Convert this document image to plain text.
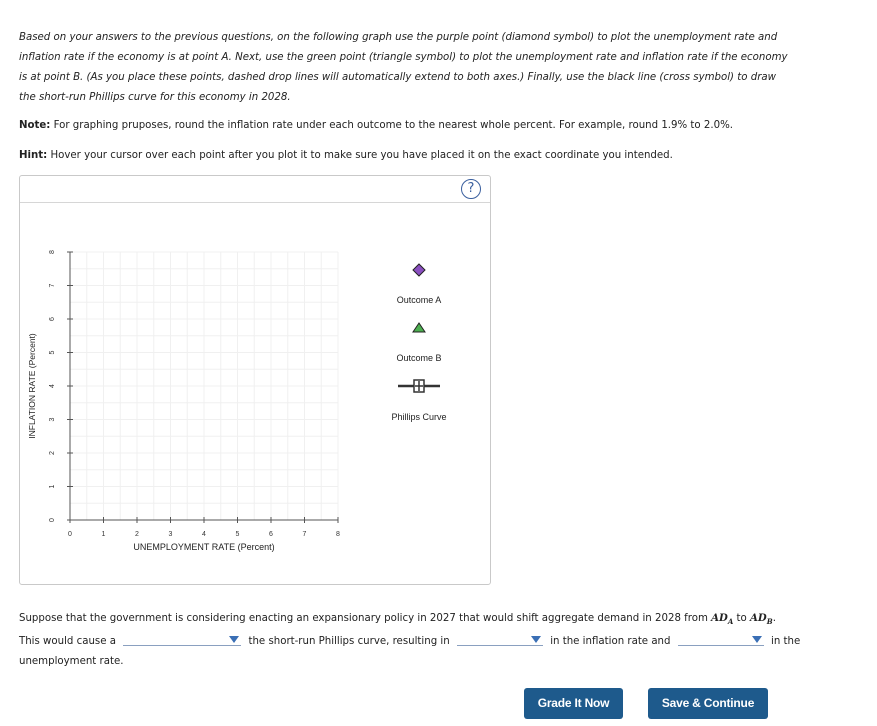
Based on your answers to the previous questions, on the following graph use the purple point (diamond symbol) to plot the unemployment rate and inflation rate if the economy is at point A. Next, use the green point (triangle symbol) to plot the unemployment rate and inflation rate if the economy is at point B. (As you place these points, dashed drop lines will automatically extend to both axes.) Finally, use the black line (cross symbol) to draw the short-run Phillips curve for this economy in 2028.
Note: For graphing pruposes, round the inflation rate under each outcome to the nearest whole percent. For example, round 1.9% to 2.0%.
Hint: Hover your cursor over each point after you plot it to make sure you have placed it on the exact coordinate you intended.
?
0	1	2	3	4	5	6	7	8
0
1
2
3
4
5
6
7
8
INFLATION RATE (Percent)
UNEMPLOYMENT RATE (Percent)
Outcome A
Outcome B
Phillips Curve
Suppose that the government is considering enacting an expansionary policy in 2027 that would shift aggregate demand in 2028 from $AD_A$ to $AD_B$.
This would cause a	the short-run Phillips curve, resulting in	in the inflation rate and	in the
unemployment rate.
Grade It Now	Save & Continue
